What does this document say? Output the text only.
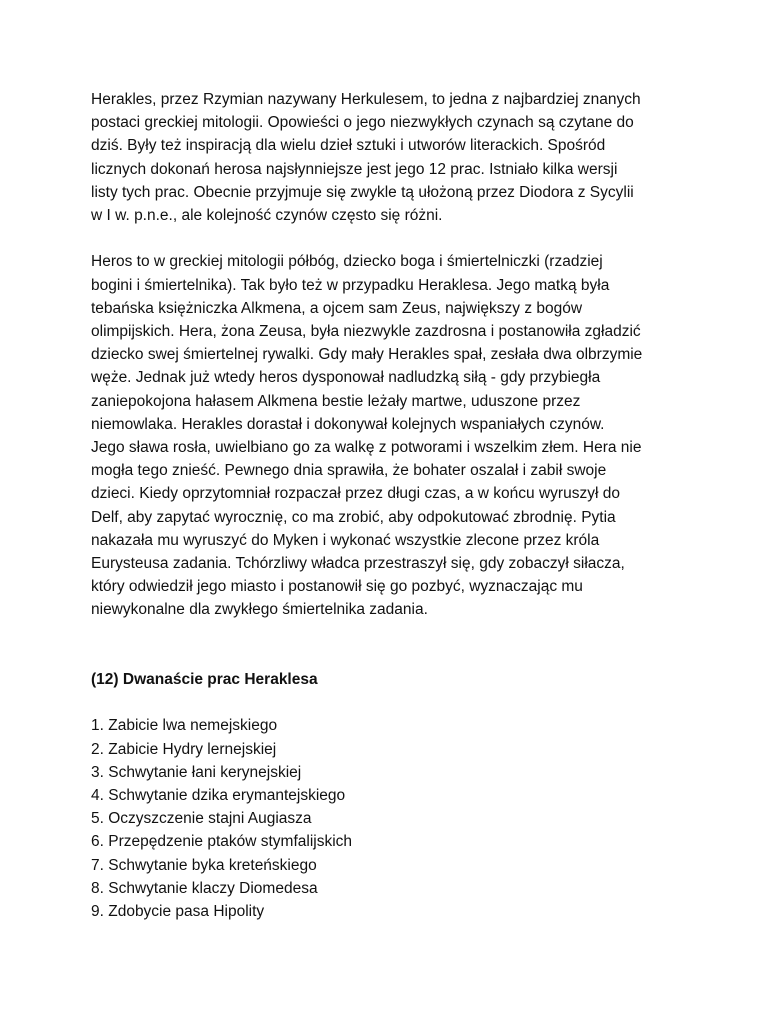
Herakles, przez Rzymian nazywany Herkulesem, to jedna z najbardziej znanych
postaci greckiej mitologii. Opowieści o jego niezwykłych czynach są czytane do
dziś. Były też inspiracją dla wielu dzieł sztuki i utworów literackich. Spośród
licznych dokonań herosa najsłynniejsze jest jego 12 prac. Istniało kilka wersji
listy tych prac. Obecnie przyjmuje się zwykle tą ułożoną przez Diodora z Sycylii
w I w. p.n.e., ale kolejność czynów często się różni.

Heros to w greckiej mitologii półbóg, dziecko boga i śmiertelniczki (rzadziej
bogini i śmiertelnika). Tak było też w przypadku Heraklesa. Jego matką była
tebańska księżniczka Alkmena, a ojcem sam Zeus, największy z bogów
olimpijskich. Hera, żona Zeusa, była niezwykle zazdrosna i postanowiła zgładzić
dziecko swej śmiertelnej rywalki. Gdy mały Herakles spał, zesłała dwa olbrzymie
węże. Jednak już wtedy heros dysponował nadludzką siłą - gdy przybiegła
zaniepokojona hałasem Alkmena bestie leżały martwe, uduszone przez
niemowlaka. Herakles dorastał i dokonywał kolejnych wspaniałych czynów.
Jego sława rosła, uwielbiano go za walkę z potworami i wszelkim złem. Hera nie
mogła tego znieść. Pewnego dnia sprawiła, że bohater oszalał i zabił swoje
dzieci. Kiedy oprzytomniał rozpaczał przez długi czas, a w końcu wyruszył do
Delf, aby zapytać wyrocznię, co ma zrobić, aby odpokutować zbrodnię. Pytia
nakazała mu wyruszyć do Myken i wykonać wszystkie zlecone przez króla
Eurysteusa zadania. Tchórzliwy władca przestraszył się, gdy zobaczył siłacza,
który odwiedził jego miasto i postanowił się go pozbyć, wyznaczając mu
niewykonalne dla zwykłego śmiertelnika zadania.

(12) Dwanaście prac Heraklesa

1. Zabicie lwa nemejskiego
2. Zabicie Hydry lernejskiej
3. Schwytanie łani kerynejskiej
4. Schwytanie dzika erymantejskiego
5. Oczyszczenie stajni Augiasza
6. Przepędzenie ptaków stymfalijskich
7. Schwytanie byka kreteńskiego
8. Schwytanie klaczy Diomedesa
9. Zdobycie pasa Hipolity
